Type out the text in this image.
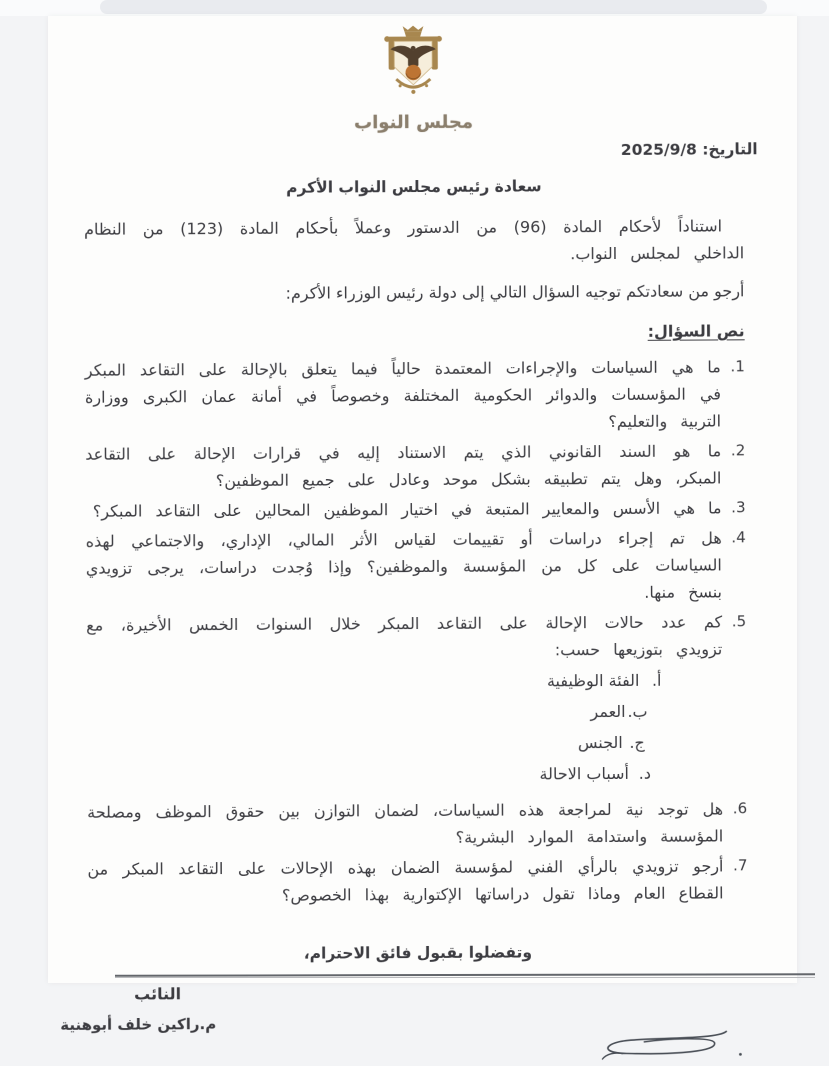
مجلس النواب
التاريخ: 2025/9/8
سعادة رئيس مجلس النواب الأكرم

استناداً لأحكام المادة (96) من الدستور وعملاً بأحكام المادة (123) من النظام الداخلي لمجلس النواب.

أرجو من سعادتكم توجيه السؤال التالي إلى دولة رئيس الوزراء الأكرم:

نص السؤال:
1.
ما هي السياسات والإجراءات المعتمدة حالياً فيما يتعلق بالإحالة على التقاعد المبكر في المؤسسات والدوائر الحكومية المختلفة وخصوصاً في أمانة عمان الكبرى ووزارة التربية والتعليم؟
2.
ما هو السند القانوني الذي يتم الاستناد إليه في قرارات الإحالة على التقاعد المبكر، وهل يتم تطبيقه بشكل موحد وعادل على جميع الموظفين؟
3.
ما هي الأسس والمعايير المتبعة في اختيار الموظفين المحالين على التقاعد المبكر؟
4.
هل تم إجراء دراسات أو تقييمات لقياس الأثر المالي، الإداري، والاجتماعي لهذه السياسات على كل من المؤسسة والموظفين؟ وإذا وُجدت دراسات، يرجى تزويدي بنسخ منها.
5.
كم عدد حالات الإحالة على التقاعد المبكر خلال السنوات الخمس الأخيرة، مع تزويدي بتوزيعها حسب:
أ.
الفئة الوظيفية
ب.
العمر
ج.
الجنس
د.
أسباب الاحالة
6.
هل توجد نية لمراجعة هذه السياسات، لضمان التوازن بين حقوق الموظف ومصلحة المؤسسة واستدامة الموارد البشرية؟
7.
أرجو تزويدي بالرأي الفني لمؤسسة الضمان بهذه الإحالات على التقاعد المبكر من القطاع العام وماذا تقول دراساتها الإكتوارية بهذا الخصوص؟
وتفضلوا بقبول فائق الاحترام،
النائب
م.راكين خلف أبوهنية
